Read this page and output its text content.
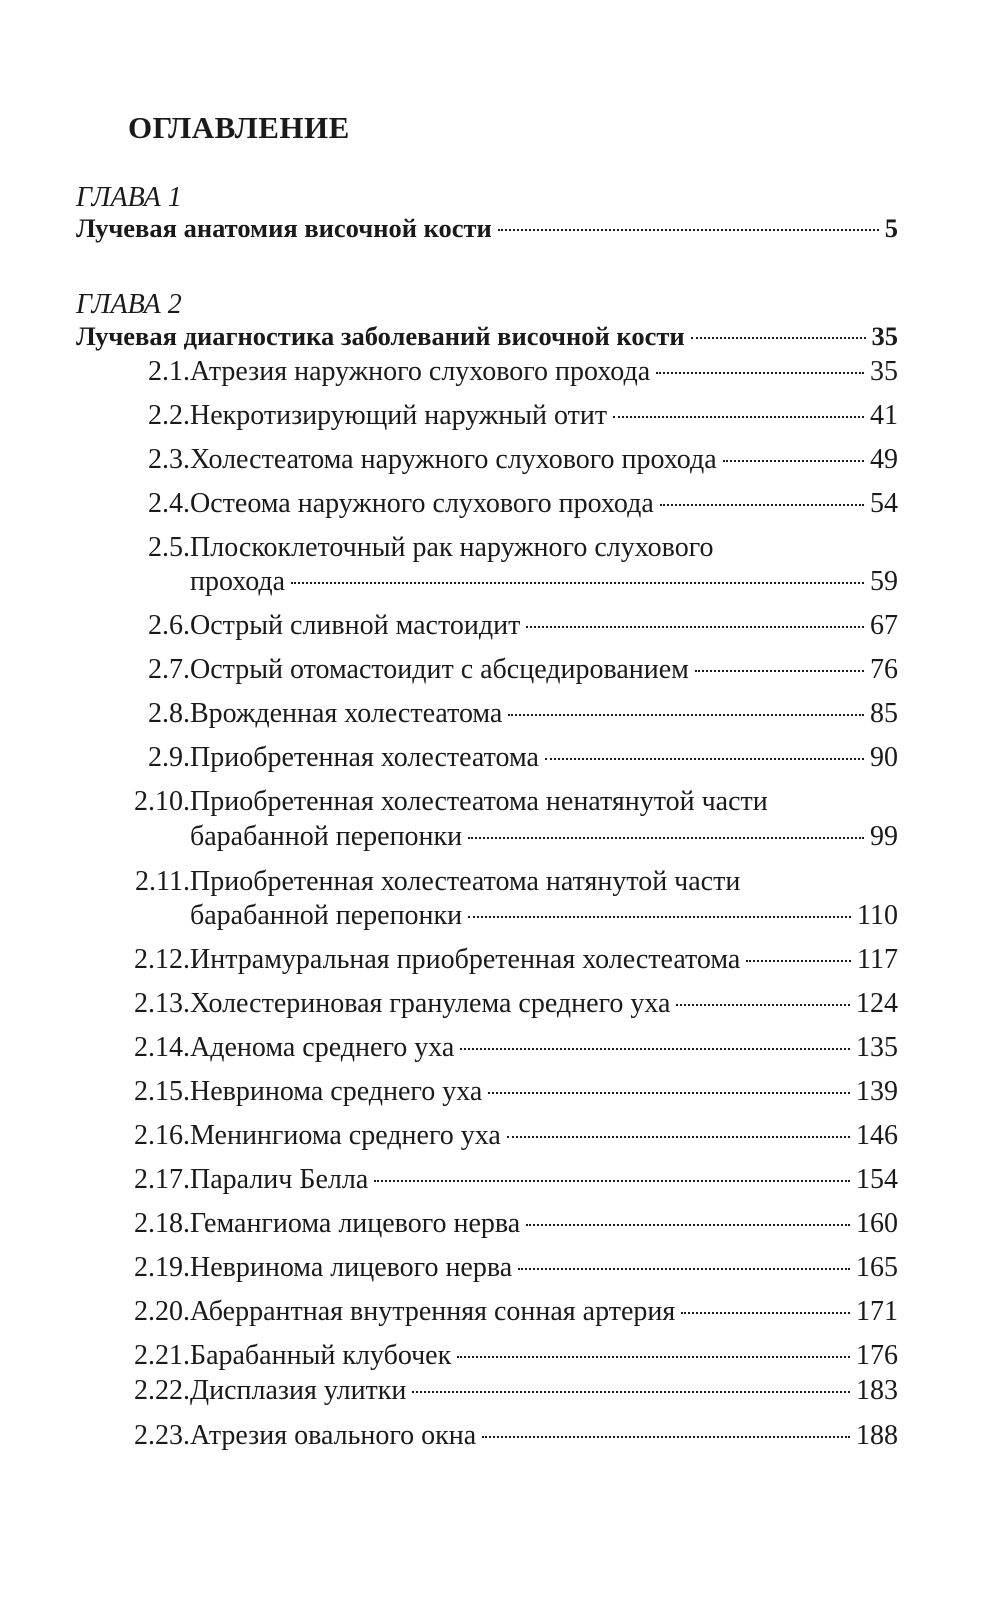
ОГЛАВЛЕНИЕ
ГЛАВА 1
Лучевая анатомия височной кости	5
ГЛАВА 2
Лучевая диагностика заболеваний височной кости	35
2.1. Атрезия наружного слухового прохода	35
2.2. Некротизирующий наружный отит	41
2.3. Холестеатома наружного слухового прохода	49
2.4. Остеома наружного слухового прохода	54
2.5. Плоскоклеточный рак наружного слухового
прохода	59
2.6. Острый сливной мастоидит	67
2.7. Острый отомастоидит с абсцедированием	76
2.8. Врожденная холестеатома	85
2.9. Приобретенная холестеатома	90
2.10. Приобретенная холестеатома ненатянутой части
барабанной перепонки	99
2.11. Приобретенная холестеатома натянутой части
барабанной перепонки	110
2.12. Интрамуральная приобретенная холестеатома	117
2.13. Холестериновая гранулема среднего уха	124
2.14. Аденома среднего уха	135
2.15. Невринома среднего уха	139
2.16. Менингиома среднего уха	146
2.17. Паралич Белла	154
2.18. Гемангиома лицевого нерва	160
2.19. Невринома лицевого нерва	165
2.20. Аберрантная внутренняя сонная артерия	171
2.21. Барабанный клубочек	176
2.22. Дисплазия улитки	183
2.23. Атрезия овального окна	188
